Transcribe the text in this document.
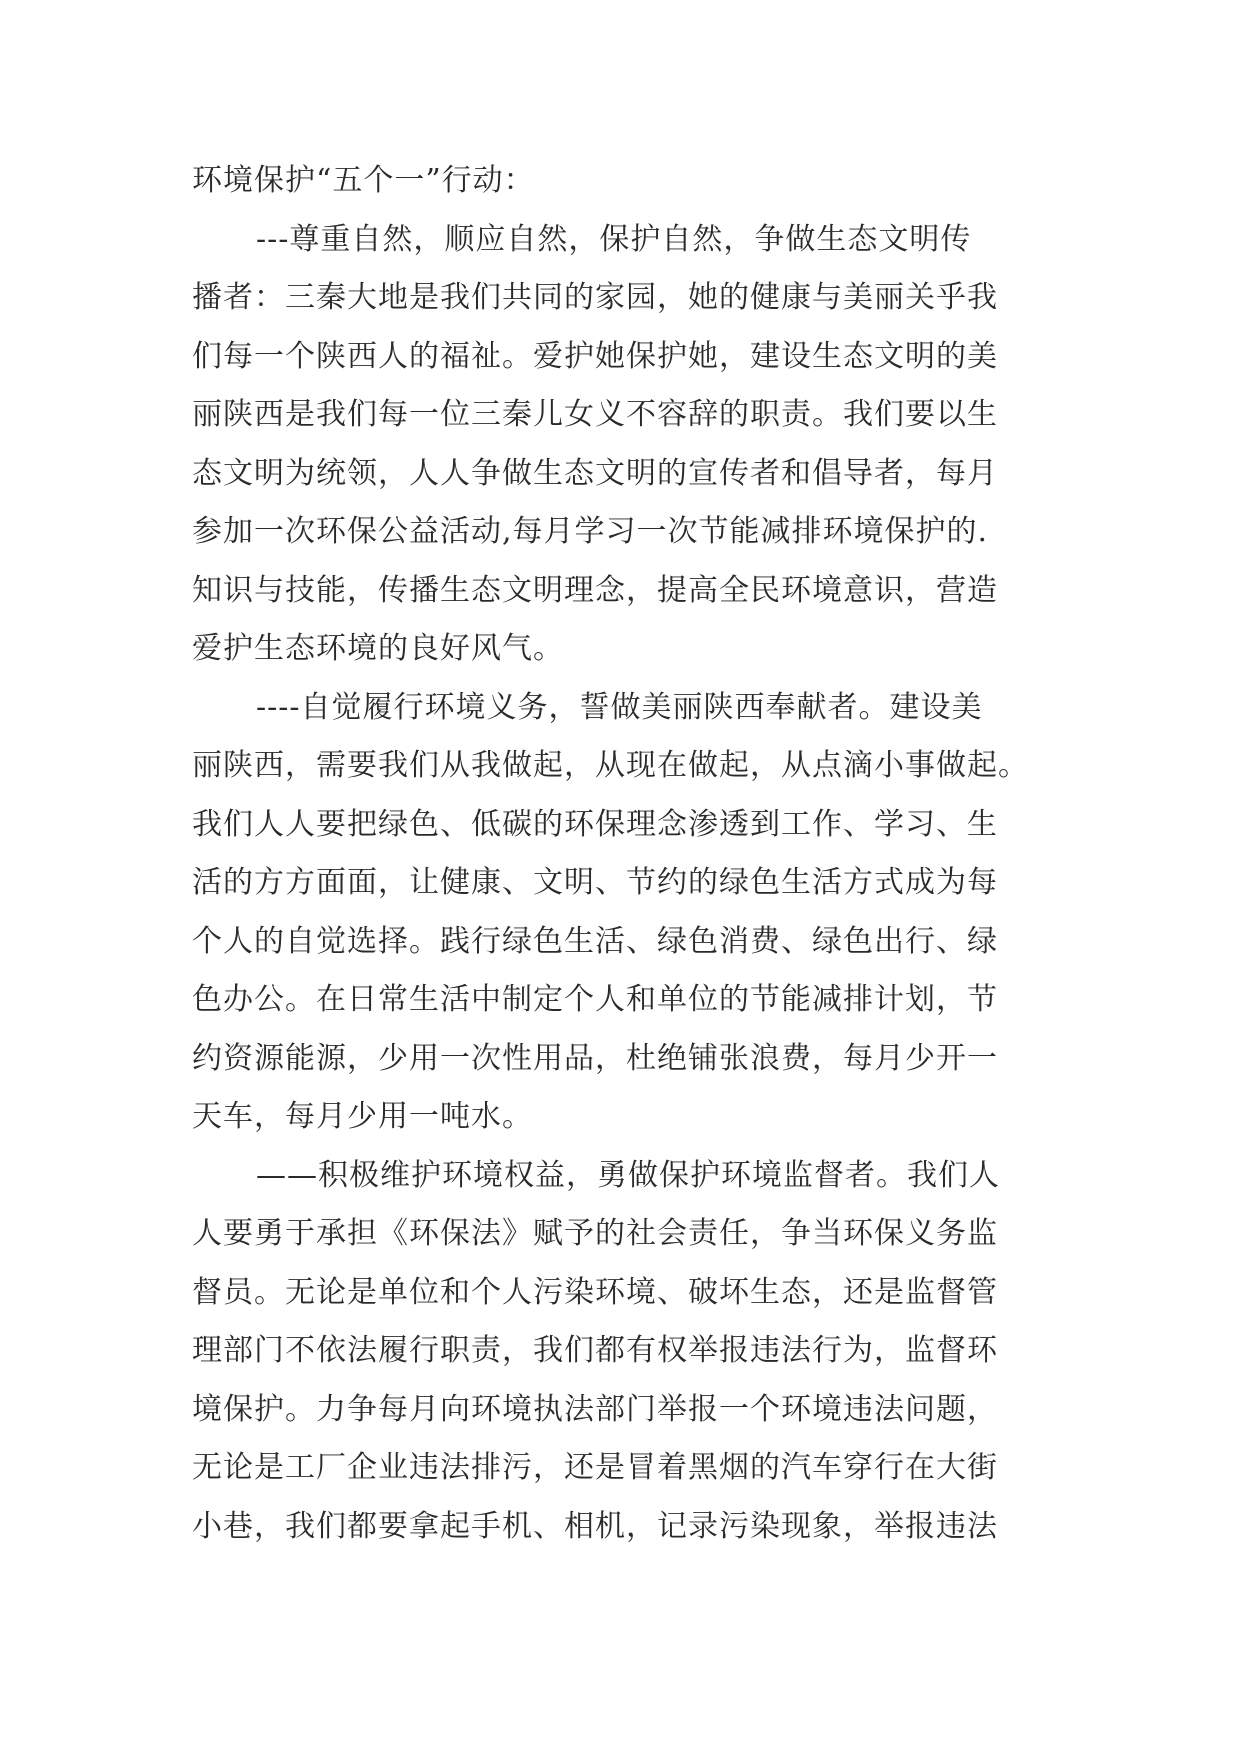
环境保护“五个一”行动：
---尊重自然，顺应自然，保护自然，争做生态文明传
播者：三秦大地是我们共同的家园，她的健康与美丽关乎我
们每一个陕西人的福祉。爱护她保护她，建设生态文明的美
丽陕西是我们每一位三秦儿女义不容辞的职责。我们要以生
态文明为统领，人人争做生态文明的宣传者和倡导者，每月
参加一次环保公益活动,每月学习一次节能减排环境保护的.
知识与技能，传播生态文明理念，提高全民环境意识，营造
爱护生态环境的良好风气。
----自觉履行环境义务，誓做美丽陕西奉献者。建设美
丽陕西，需要我们从我做起，从现在做起，从点滴小事做起。
我们人人要把绿色、低碳的环保理念渗透到工作、学习、生
活的方方面面，让健康、文明、节约的绿色生活方式成为每
个人的自觉选择。践行绿色生活、绿色消费、绿色出行、绿
色办公。在日常生活中制定个人和单位的节能减排计划，节
约资源能源，少用一次性用品，杜绝铺张浪费，每月少开一
天车，每月少用一吨水。
——积极维护环境权益，勇做保护环境监督者。我们人
人要勇于承担《环保法》赋予的社会责任，争当环保义务监
督员。无论是单位和个人污染环境、破坏生态，还是监督管
理部门不依法履行职责，我们都有权举报违法行为，监督环
境保护。力争每月向环境执法部门举报一个环境违法问题，
无论是工厂企业违法排污，还是冒着黑烟的汽车穿行在大街
小巷，我们都要拿起手机、相机，记录污染现象，举报违法
